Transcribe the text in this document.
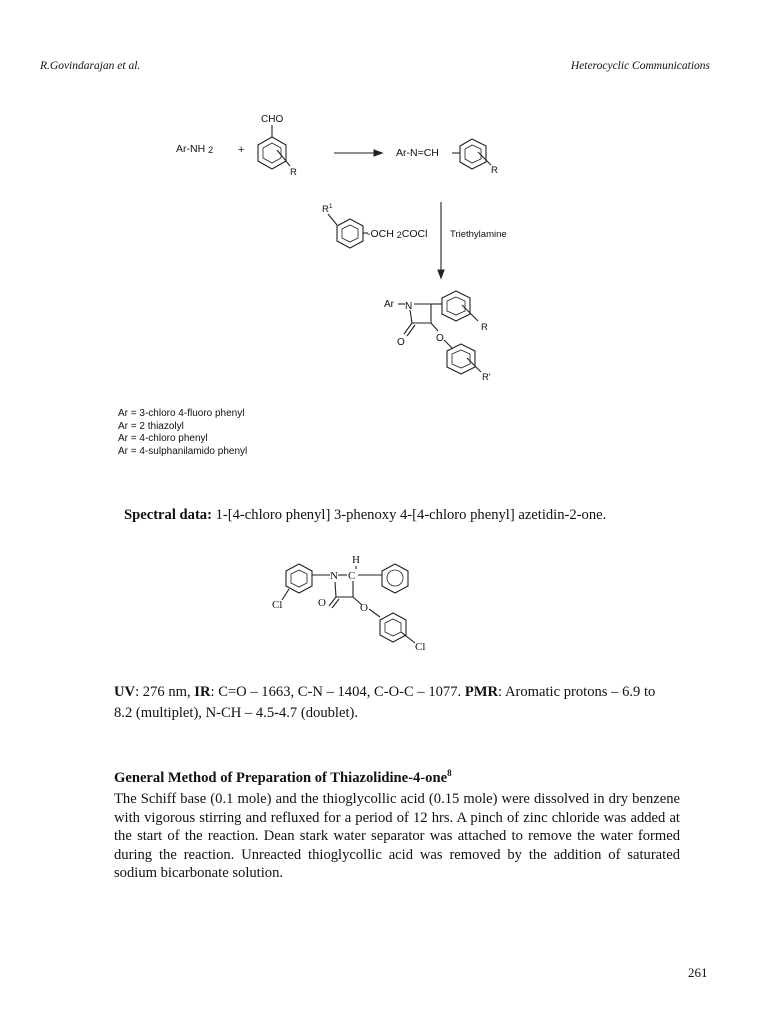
R.Govindarajan et al.	Heterocyclic Communications
Ar-NH 2 +
CHO
R
Ar-N=CH
R
$R^1$
-OCH 2COCl Triethylamine
Ar N
O
R
O
R'
Ar = 3-chloro 4-fluoro phenyl
Ar = 2 thiazolyl
Ar = 4-chloro phenyl
Ar = 4-sulphanilamido phenyl
Spectral data: 1-[4-chloro phenyl] 3-phenoxy 4-[4-chloro phenyl] azetidin-2-one.
Cl
N
H
C
O	O
Cl
UV: 276 nm, IR: C=O – 1663, C-N – 1404, C-O-C – 1077. PMR: Aromatic protons – 6.9 to 8.2 (multiplet), N-CH – 4.5-4.7 (doublet).
General Method of Preparation of Thiazolidine-4-one$^8$
The Schiff base (0.1 mole) and the thioglycollic acid (0.15 mole) were dissolved in dry benzene with vigorous stirring and refluxed for a period of 12 hrs. A pinch of zinc chloride was added at the start of the reaction. Dean stark water separator was attached to remove the water formed during the reaction. Unreacted thioglycollic acid was removed by the addition of saturated sodium bicarbonate solution.
261
